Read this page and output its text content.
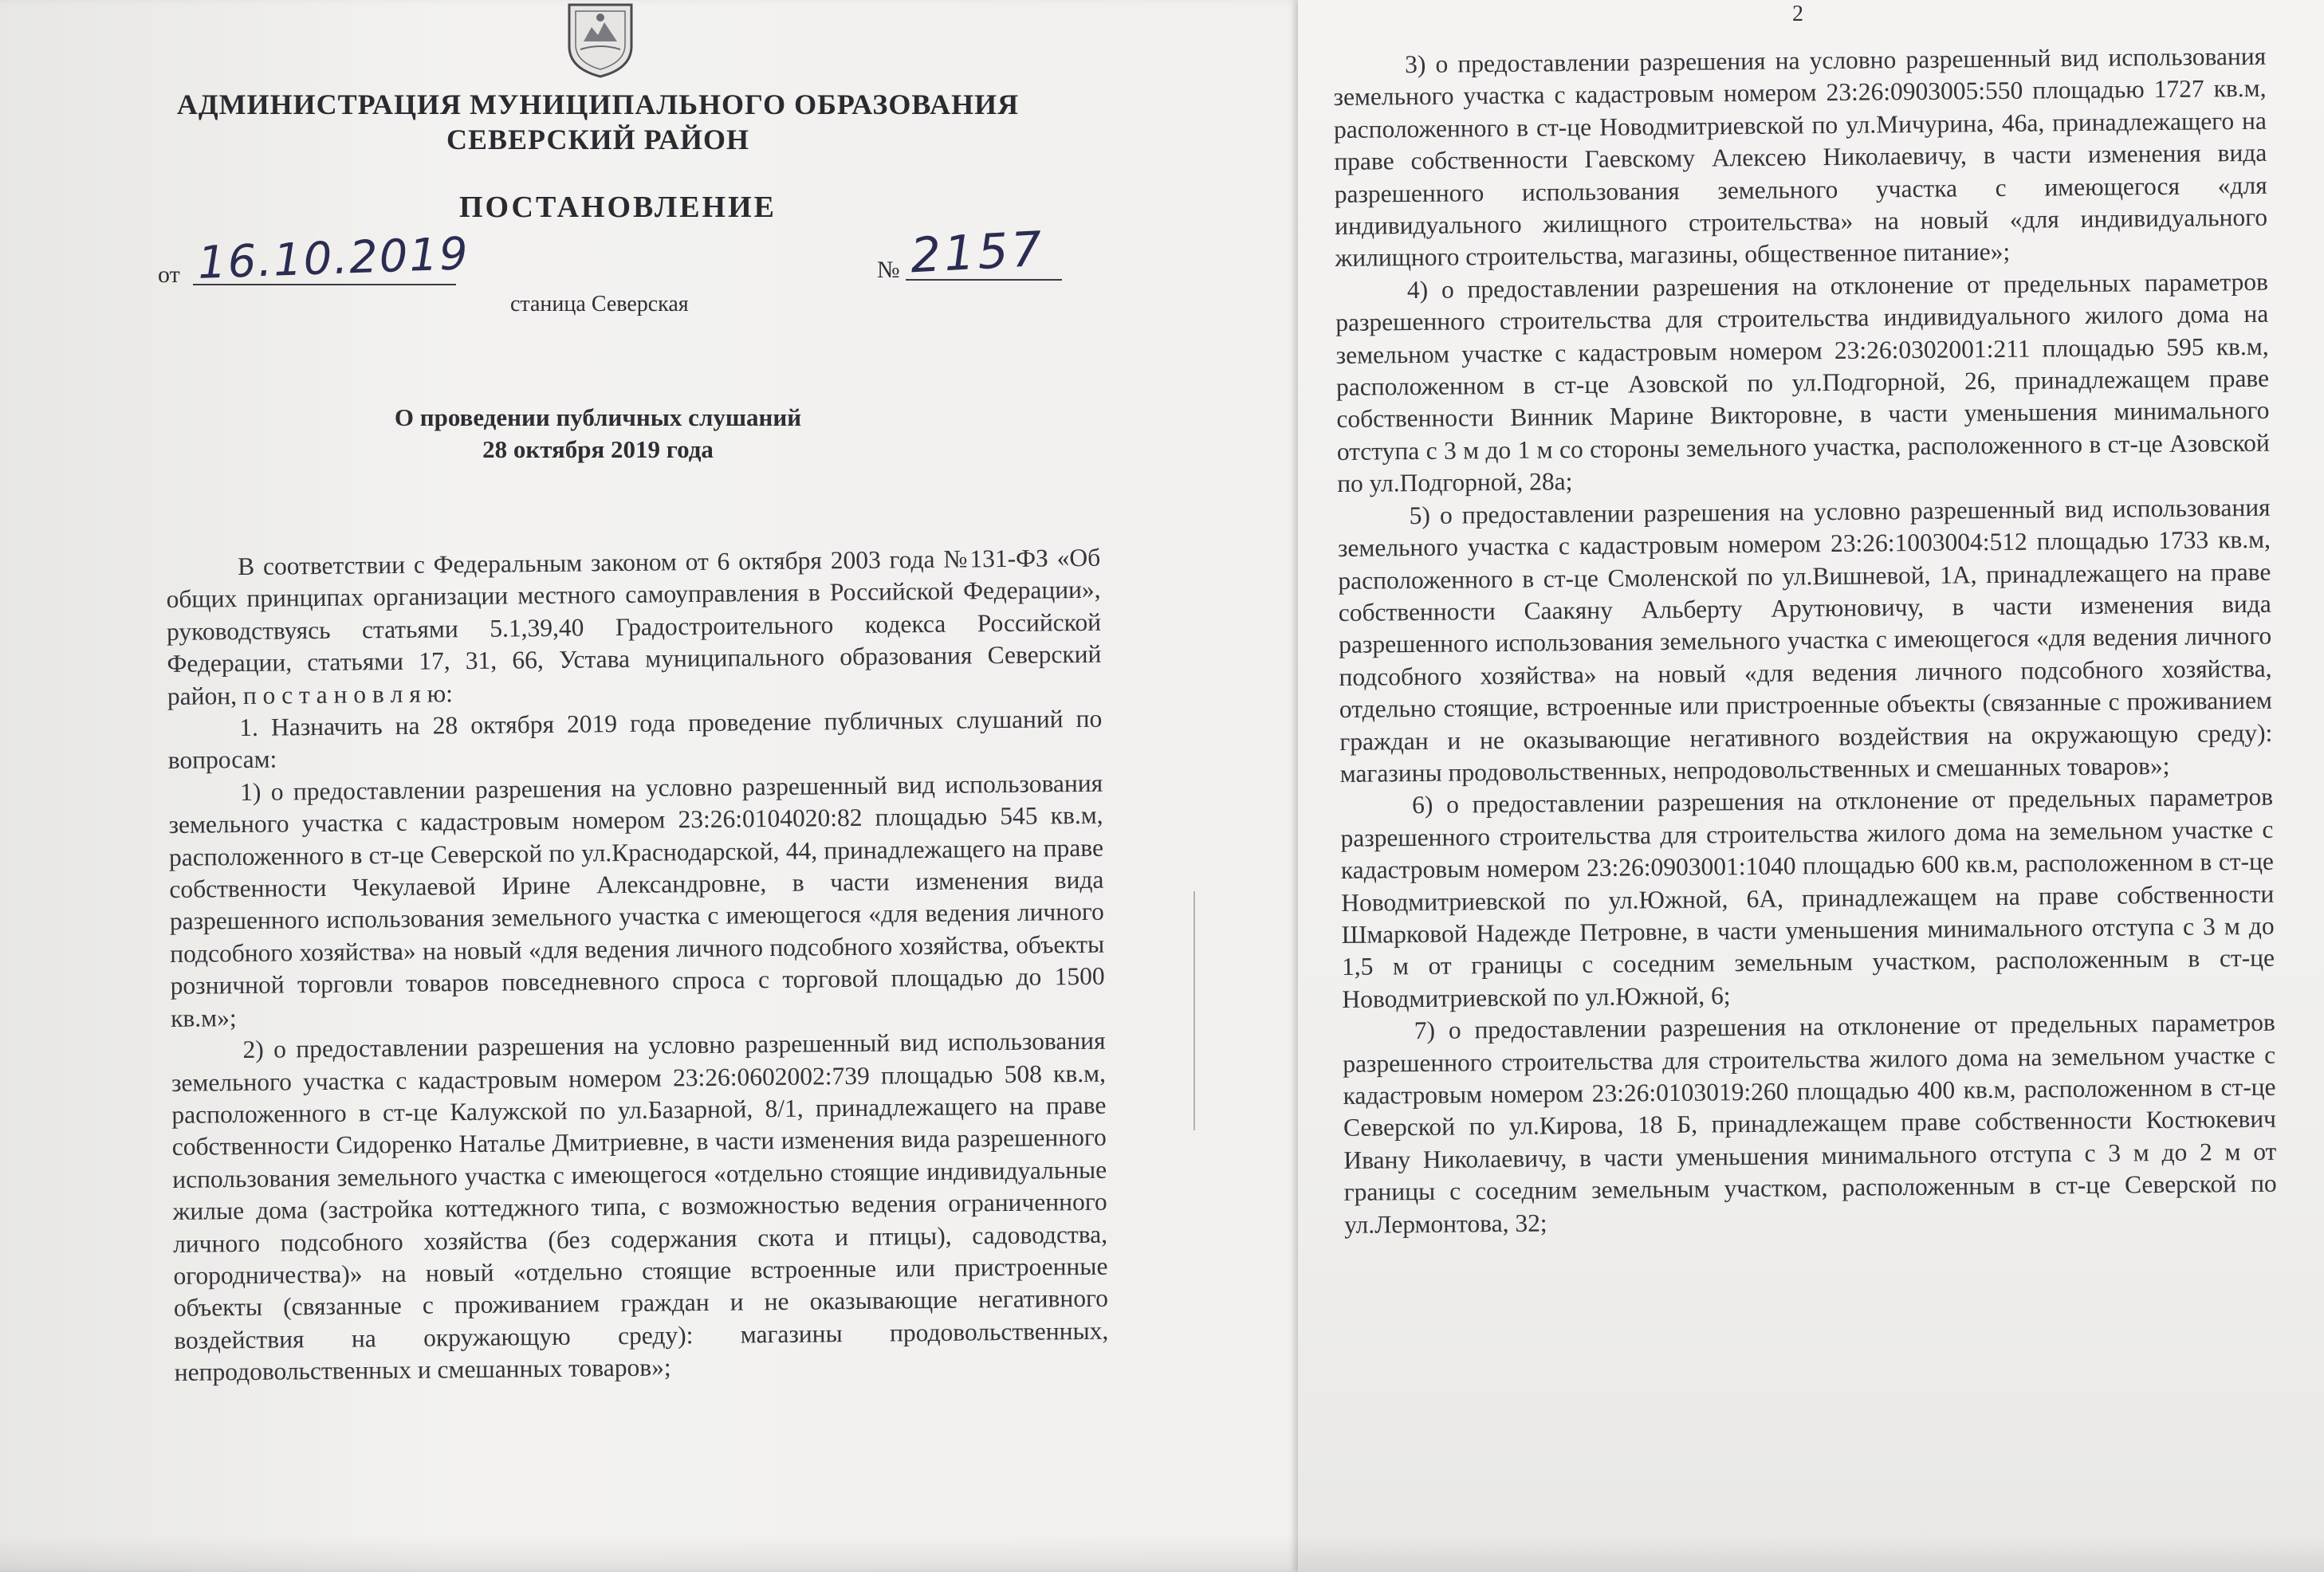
АДМИНИСТРАЦИЯ МУНИЦИПАЛЬНОГО ОБРАЗОВАНИЯ
СЕВЕРСКИЙ РАЙОН
ПОСТАНОВЛЕНИЕ
от 16.10.2019	№ 2157
станица Северская
О проведении публичных слушаний
28 октября 2019 года

В соответствии с Федеральным законом от 6 октября 2003 года №131-ФЗ «Об общих принципах организации местного самоуправления в Российской Федерации», руководствуясь статьями 5.1,39,40 Градостроительного кодекса Российской Федерации, статьями 17, 31, 66, Устава муниципального образования Северский район, п о с т а н о в л я ю:

1. Назначить на 28 октября 2019 года проведение публичных слушаний по вопросам:

1) о предоставлении разрешения на условно разрешенный вид использования земельного участка с кадастровым номером 23:26:0104020:82 площадью 545 кв.м, расположенного в ст-це Северской по ул.Краснодарской, 44, принадлежащего на праве собственности Чекулаевой Ирине Александровне, в части изменения вида разрешенного использования земельного участка с имеющегося «для ведения личного подсобного хозяйства» на новый «для ведения личного подсобного хозяйства, объекты розничной торговли товаров повседневного спроса с торговой площадью до 1500 кв.м»;

2) о предоставлении разрешения на условно разрешенный вид использования земельного участка с кадастровым номером 23:26:0602002:739 площадью 508 кв.м, расположенного в ст-це Калужской по ул.Базарной, 8/1, принадлежащего на праве собственности Сидоренко Наталье Дмитриевне, в части изменения вида разрешенного использования земельного участка с имеющегося «отдельно стоящие индивидуальные жилые дома (застройка коттеджного типа, с возможностью ведения ограниченного личного подсобного хозяйства (без содержания скота и птицы), садоводства, огородничества)» на новый «отдельно стоящие встроенные или пристроенные объекты (связанные с проживанием граждан и не оказывающие негативного воздействия на окружающую среду): магазины продовольственных, непродовольственных и смешанных товаров»;

2

3) о предоставлении разрешения на условно разрешенный вид использования земельного участка с кадастровым номером 23:26:0903005:550 площадью 1727 кв.м, расположенного в ст-це Новодмитриевской по ул.Мичурина, 46а, принадлежащего на праве собственности Гаевскому Алексею Николаевичу, в части изменения вида разрешенного использования земельного участка с имеющегося «для индивидуального жилищного строительства» на новый «для индивидуального жилищного строительства, магазины, общественное питание»;

4) о предоставлении разрешения на отклонение от предельных параметров разрешенного строительства для строительства индивидуального жилого дома на земельном участке с кадастровым номером 23:26:0302001:211 площадью 595 кв.м, расположенном в ст-це Азовской по ул.Подгорной, 26, принадлежащем праве собственности Винник Марине Викторовне, в части уменьшения минимального отступа с 3 м до 1 м со стороны земельного участка, расположенного в ст-це Азовской по ул.Подгорной, 28а;

5) о предоставлении разрешения на условно разрешенный вид использования земельного участка с кадастровым номером 23:26:1003004:512 площадью 1733 кв.м, расположенного в ст-це Смоленской по ул.Вишневой, 1А, принадлежащего на праве собственности Саакяну Альберту Арутюновичу, в части изменения вида разрешенного использования земельного участка с имеющегося «для ведения личного подсобного хозяйства» на новый «для ведения личного подсобного хозяйства, отдельно стоящие, встроенные или пристроенные объекты (связанные с проживанием граждан и не оказывающие негативного воздействия на окружающую среду): магазины продовольственных, непродовольственных и смешанных товаров»;

6) о предоставлении разрешения на отклонение от предельных параметров разрешенного строительства для строительства жилого дома на земельном участке с кадастровым номером 23:26:0903001:1040 площадью 600 кв.м, расположенном в ст-це Новодмитриевской по ул.Южной, 6А, принадлежащем на праве собственности Шмарковой Надежде Петровне, в части уменьшения минимального отступа с 3 м до 1,5 м от границы с соседним земельным участком, расположенным в ст-це Новодмитриевской по ул.Южной, 6;

7) о предоставлении разрешения на отклонение от предельных параметров разрешенного строительства для строительства жилого дома на земельном участке с кадастровым номером 23:26:0103019:260 площадью 400 кв.м, расположенном в ст-це Северской по ул.Кирова, 18 Б, принадлежащем праве собственности Костюкевич Ивану Николаевичу, в части уменьшения минимального отступа с 3 м до 2 м от границы с соседним земельным участком, расположенным в ст-це Северской по ул.Лермонтова, 32;
